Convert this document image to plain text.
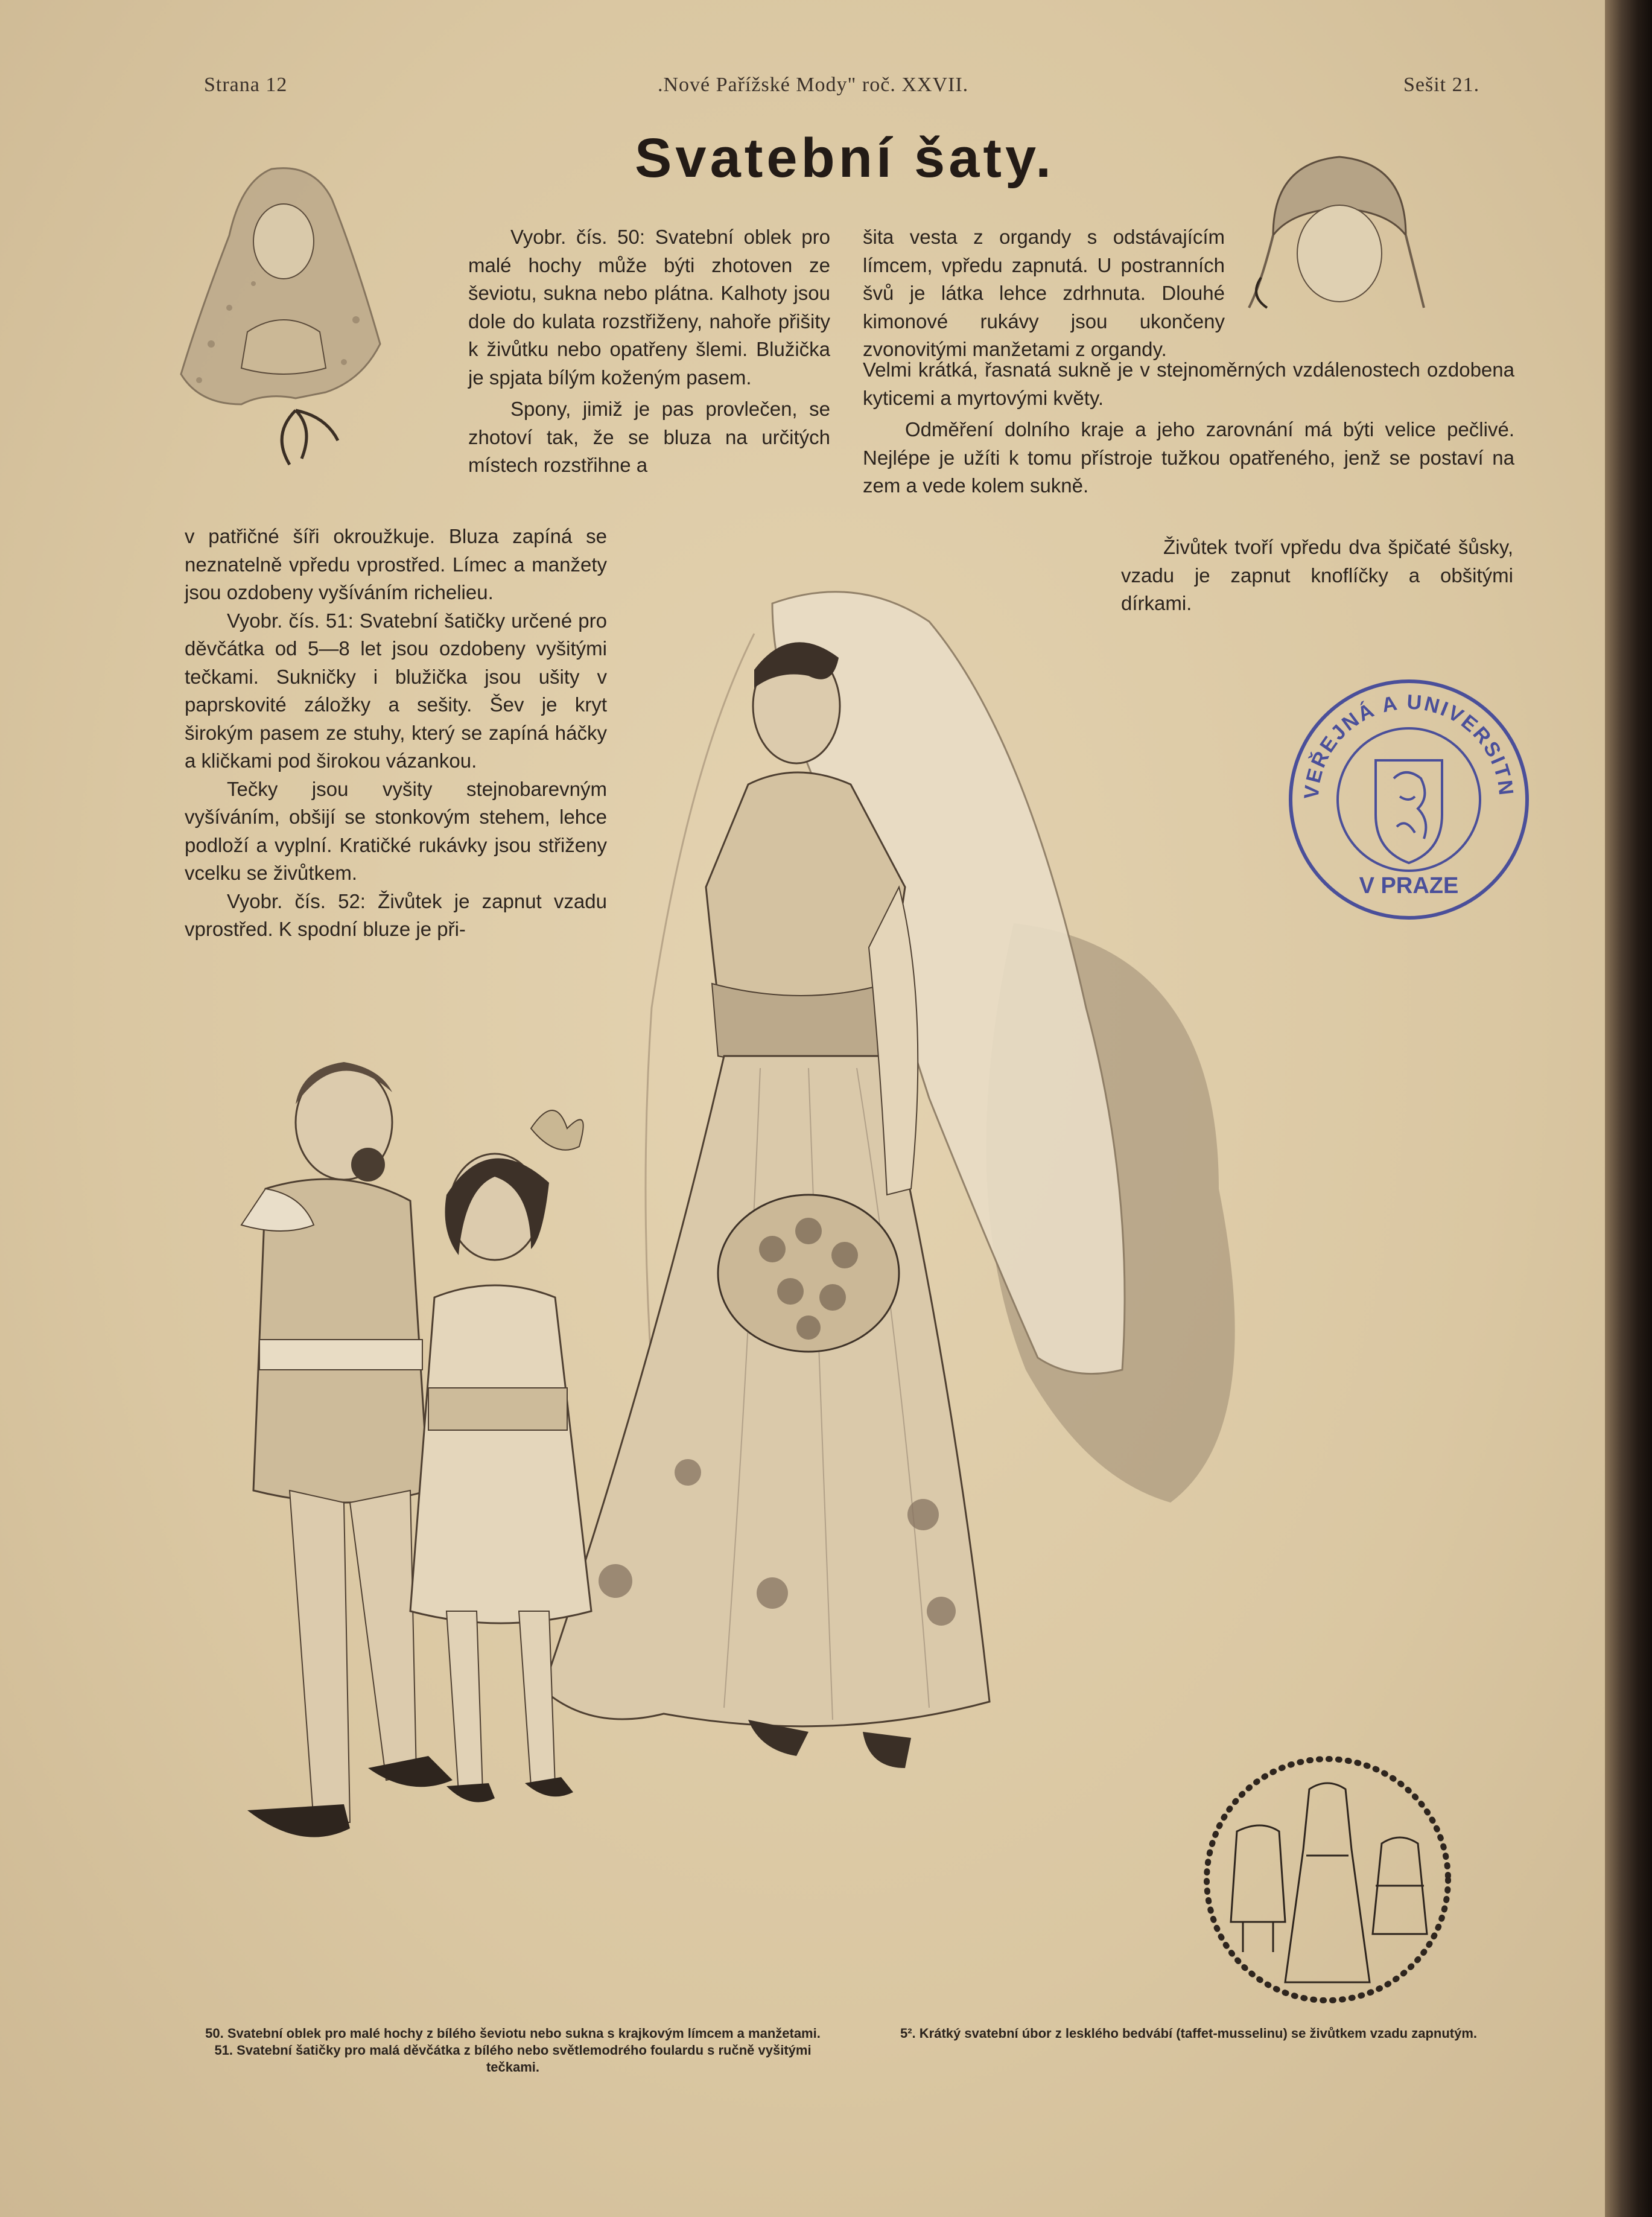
Strana 12	.Nové Pařížské Mody" roč. XXVII.	Sešit 21.
Svatební šaty.

Vyobr. čís. 50: Svatební oblek pro malé hochy může býti zhotoven ze ševiotu, sukna nebo plátna. Kalhoty jsou dole do kulata rozstřiženy, nahoře přišity k živůtku nebo opatřeny šlemi. Blužička je spjata bílým koženým pasem.

Spony, jimiž je pas provlečen, se zhotoví tak, že se bluza na určitých místech rozstřihne a

v patřičné šíři okroužkuje. Bluza zapíná se neznatelně vpředu vprostřed. Límec a manžety jsou ozdobeny vyšíváním richelieu.

Vyobr. čís. 51: Svatební šatičky určené pro děvčátka od 5—8 let jsou ozdobeny vyšitými tečkami. Sukničky i blužička jsou ušity v paprskovité záložky a sešity. Šev je kryt širokým pasem ze stuhy, který se zapíná háčky a kličkami pod širokou vázankou.

Tečky jsou vyšity stejnobarevným vyšíváním, obšijí se stonkovým stehem, lehce podloží a vyplní. Kratičké rukávky jsou střiženy vcelku se živůtkem.

Vyobr. čís. 52: Živůtek je zapnut vzadu vprostřed. K spodní bluze je při-

šita vesta z organdy s odstávajícím límcem, vpředu zapnutá. U postranních švů je látka lehce zdrhnuta. Dlouhé kimonové rukávy jsou ukončeny zvonovitými manžetami z organdy.

Velmi krátká, řasnatá sukně je v stejnoměrných vzdálenostech ozdobena kyticemi a myrtovými květy.

Odměření dolního kraje a jeho zarovnání má býti velice pečlivé. Nejlépe je užíti k tomu přístroje tužkou opatřeného, jenž se postaví na zem a vede kolem sukně.

Živůtek tvoří vpředu dva špičaté šůsky, vzadu je zapnut knoflíčky a obšitými dírkami.

VEŘEJNÁ A UNIVERSITNÍ KNIHOVNA
V PRAZE

50. Svatební oblek pro malé hochy z bílého ševiotu nebo sukna s krajkovým límcem a manžetami.

51. Svatební šatičky pro malá děvčátka z bílého nebo světlemodrého foulardu s ručně vyšitými tečkami.

5². Krátký svatební úbor z lesklého bedvábí (taffet-musselinu) se živůtkem vzadu zapnutým.
